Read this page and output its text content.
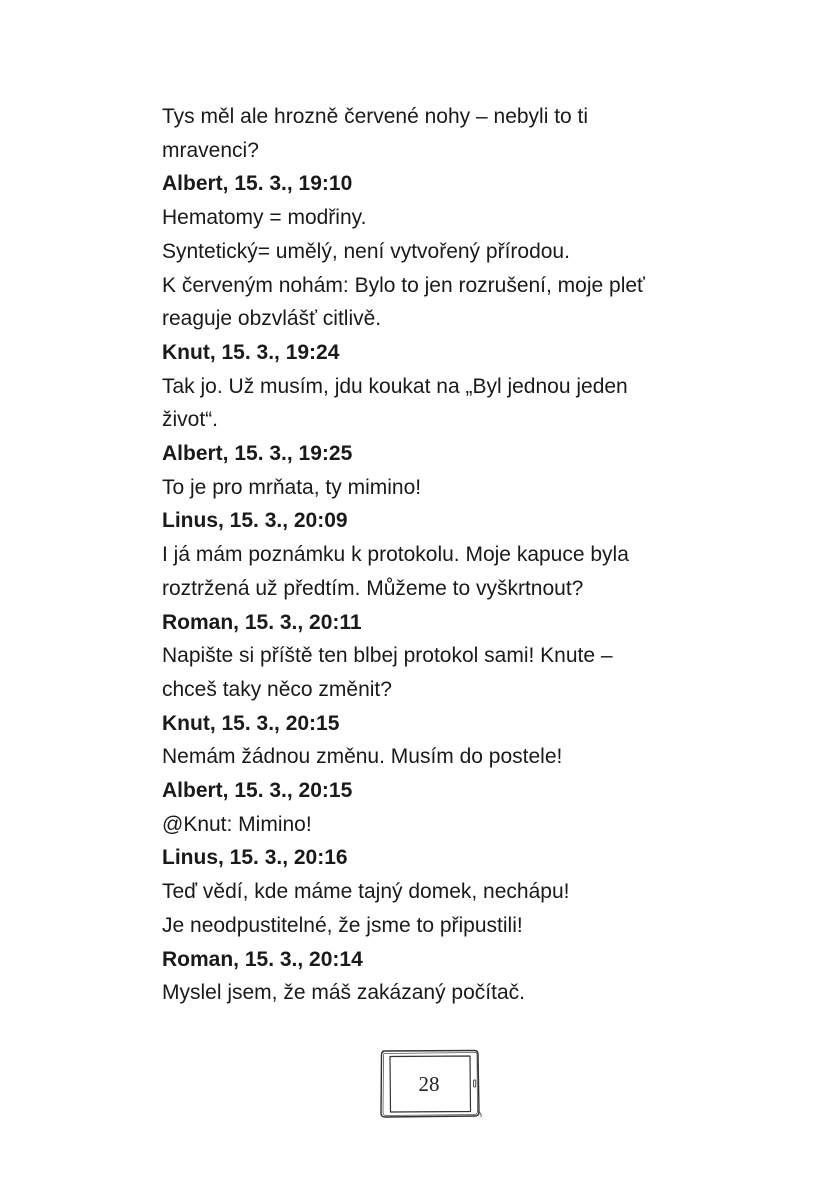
Tys měl ale hrozně červené nohy – nebyli to ti
mravenci?
Albert, 15. 3., 19:10
Hematomy = modřiny.
Syntetický= umělý, není vytvořený přírodou.
K červeným nohám: Bylo to jen rozrušení, moje pleť
reaguje obzvlášť citlivě.
Knut, 15. 3., 19:24
Tak jo. Už musím, jdu koukat na „Byl jednou jeden
život“.
Albert, 15. 3., 19:25
To je pro mrňata, ty mimino!
Linus, 15. 3., 20:09
I já mám poznámku k protokolu. Moje kapuce byla
roztržená už předtím. Můžeme to vyškrtnout?
Roman, 15. 3., 20:11
Napište si příště ten blbej protokol sami! Knute –
chceš taky něco změnit?
Knut, 15. 3., 20:15
Nemám žádnou změnu. Musím do postele!
Albert, 15. 3., 20:15
@Knut: Mimino!
Linus, 15. 3., 20:16
Teď vědí, kde máme tajný domek, nechápu!
Je neodpustitelné, že jsme to připustili!
Roman, 15. 3., 20:14
Myslel jsem, že máš zakázaný počítač.
28
